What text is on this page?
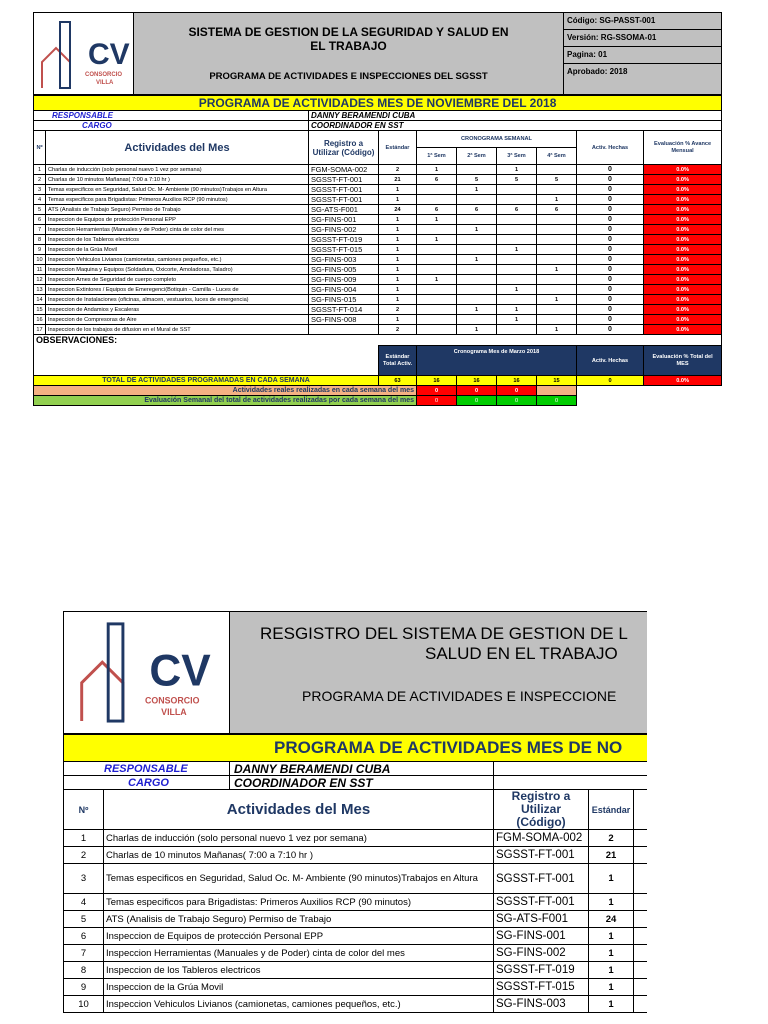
CV
CONSORCIO
VILLA

SISTEMA DE GESTION DE LA SEGURIDAD Y SALUD EN EL TRABAJO
PROGRAMA DE ACTIVIDADES E INSPECCIONES DEL SGSST

Código: SG-PASST-001
Versión: RG-SSOMA-01
Pagina: 01
Aprobado: 2018
PROGRAMA DE ACTIVIDADES MES DE NOVIEMBRE DEL 2018									
RESPONSABLE		DANNY BERAMENDI CUBA							
CARGO		COORDINADOR EN SST							
Nº	Actividades del Mes	Registro a Utilizar (Código)	Estándar	CRONOGRAMA SEMANAL				Activ. Hechas	Evaluación % Avance Mensual
				1ª Sem	2ª Sem	3ª Sem	4ª Sem		
1	Charlas de inducción (solo personal nuevo 1 vez por semana)	FGM-SOMA-002	2	1		1		0	0.0%
2	Charlas de 10 minutos Mañanas( 7:00 a 7:10 hr )	SGSST-FT-001	21	6	5	5	5	0	0.0%
3	Temas especificos en Seguridad, Salud Oc. M- Ambiente (90 minutos)Trabajos en Altura	SGSST-FT-001	1		1			0	0.0%
4	Temas especificos para Brigadistas: Primeros Auxilios RCP (90 minutos)	SGSST-FT-001	1				1	0	0.0%
5	ATS (Analisis de Trabajo Seguro) Permiso de Trabajo	SG-ATS-F001	24	6	6	6	6	0	0.0%
6	Inspeccion de Equipos de protección Personal EPP	SG-FINS-001	1	1				0	0.0%
7	Inspeccion Herramientas (Manuales y de Poder) cinta de color del mes	SG-FINS-002	1		1			0	0.0%
8	Inspeccion de los Tableros electricos	SGSST-FT-019	1	1				0	0.0%
9	Inspeccion de la Grúa Movil	SGSST-FT-015	1			1		0	0.0%
10	Inspeccion Vehiculos Livianos (camionetas, camiones pequeños, etc.)	SG-FINS-003	1		1			0	0.0%
11	Inspeccion Maquina y Equipos (Soldadura, Oxicorte, Amoladoras, Taladro)	SG-FINS-005	1				1	0	0.0%
12	Inspeccion Arnes de Seguridad de cuerpo completo	SG-FINS-009	1	1				0	0.0%
13	Inspeccion Extintores / Equipos de Emeregenci(Botiquin - Camilla - Luces de	SG-FINS-004	1			1		0	0.0%
14	Inspeccion de Instalaciones (oficinas, almacen, vestuarios, luces de emergencia)	SG-FINS-015	1				1	0	0.0%
15	Inspeccion de Andamios y Escaleras	SGSST-FT-014	2		1	1		0	0.0%
16	Inspeccion de Compresoras de Aire	SG-FINS-008	1			1		0	0.0%
17	Inspeccion de los trabajos de difusion en el Mural de SST		2		1		1	0	0.0%
OBSERVACIONES:									
			Estándar Total Activ.	Cronograma Mes de Marzo 2018				Activ. Hechas	Evaluación % Total del MES
TOTAL DE ACTIVIDADES PROGRAMADAS EN CADA SEMANA			63	16	16	16	15	0	0.0%
Actividades reales realizadas en cada semana del mes				0	0	0			
Evaluación Semanal del total de actividades realizadas por cada semana del mes				0	0	0	0		
CV
CONSORCIO
VILLA

RESGISTRO DEL SISTEMA DE GESTION DE L
SALUD EN EL TRABAJO
PROGRAMA DE ACTIVIDADES E INSPECCIONE
PROGRAMA DE ACTIVIDADES MES DE NO				
RESPONSABLE DANNY BERAMENDI CUBA				

CARGO COORDINADOR EN SST				

Nº	Actividades del Mes	Registro a Utilizar (Código)	Estándar	
1	Charlas de inducción (solo personal nuevo 1 vez por semana)	FGM-SOMA-002	2	
2	Charlas de 10 minutos Mañanas( 7:00 a 7:10 hr )	SGSST-FT-001	21	
3	Temas especificos en Seguridad, Salud Oc. M- Ambiente (90 minutos)Trabajos en Altura	SGSST-FT-001	1	
4	Temas especificos para Brigadistas: Primeros Auxilios RCP (90 minutos)	SGSST-FT-001	1	
5	ATS (Analisis de Trabajo Seguro) Permiso de Trabajo	SG-ATS-F001	24	
6	Inspeccion de Equipos de protección Personal EPP	SG-FINS-001	1	
7	Inspeccion Herramientas (Manuales y de Poder) cinta de color del mes	SG-FINS-002	1	
8	Inspeccion de los Tableros electricos	SGSST-FT-019	1	
9	Inspeccion de la Grúa Movil	SGSST-FT-015	1	
10	Inspeccion Vehiculos Livianos (camionetas, camiones pequeños, etc.)	SG-FINS-003	1	
